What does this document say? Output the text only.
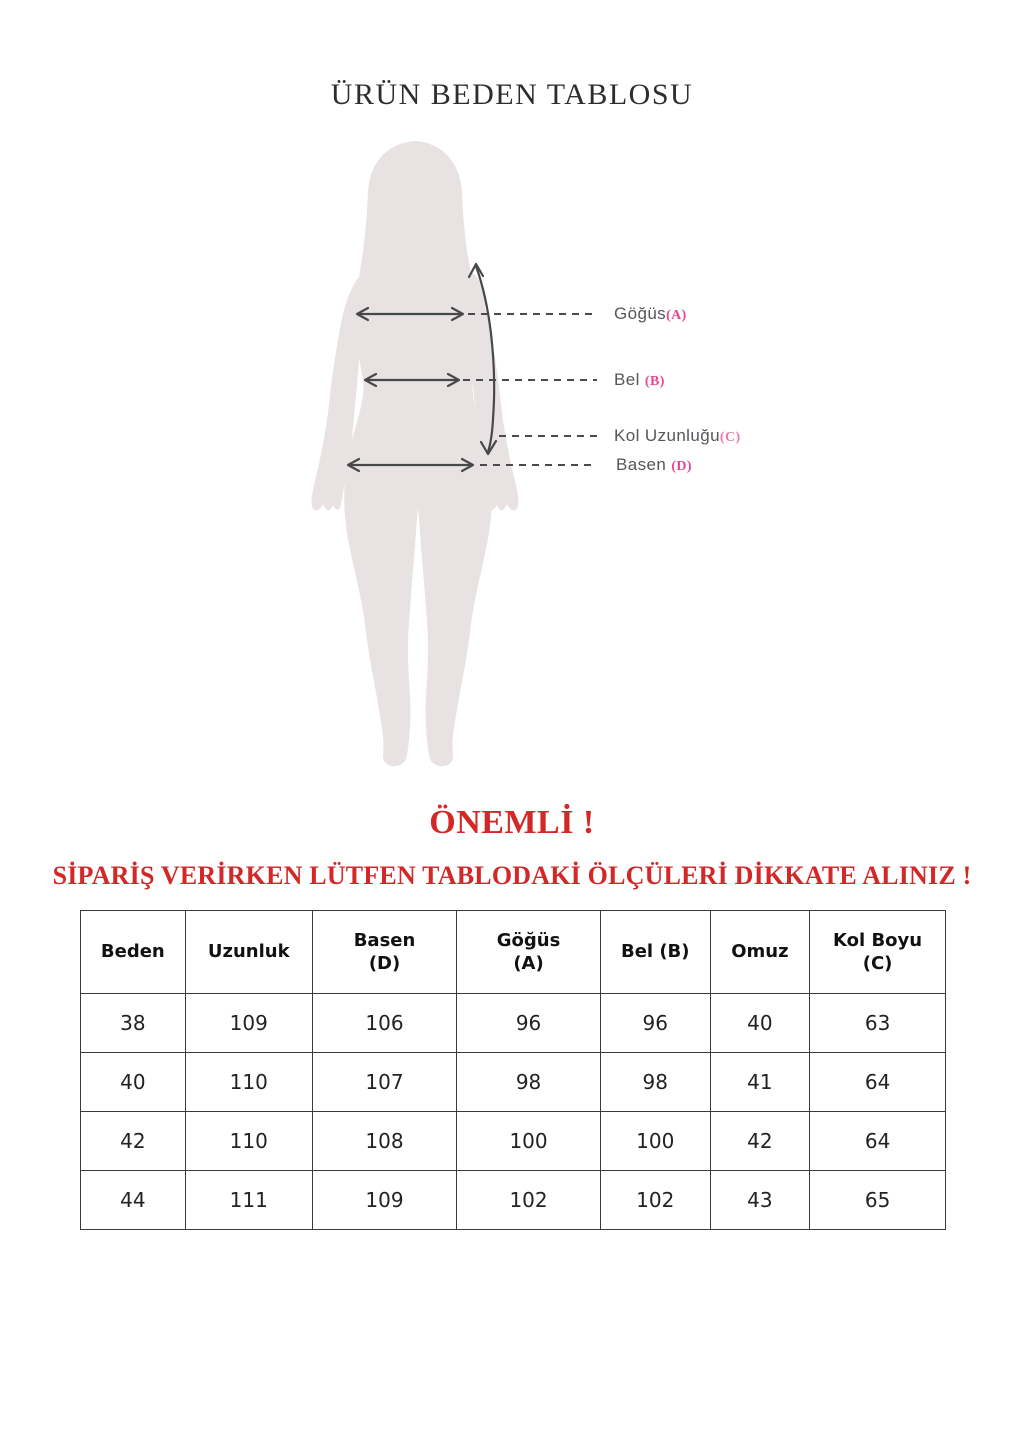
ÜRÜN BEDEN TABLOSU
Göğüs(A)
Bel (B)
Kol Uzunluğu(C)
Basen (D)
ÖNEMLİ !

SİPARİŞ VERİRKEN LÜTFEN TABLODAKİ ÖLÇÜLERİ DİKKATE ALINIZ !

Beden	Uzunluk	Basen (D)	Göğüs (A)	Bel (B)	Omuz	Kol Boyu (C)
38	109	106	96	96	40	63
40	110	107	98	98	41	64
42	110	108	100	100	42	64
44	111	109	102	102	43	65
